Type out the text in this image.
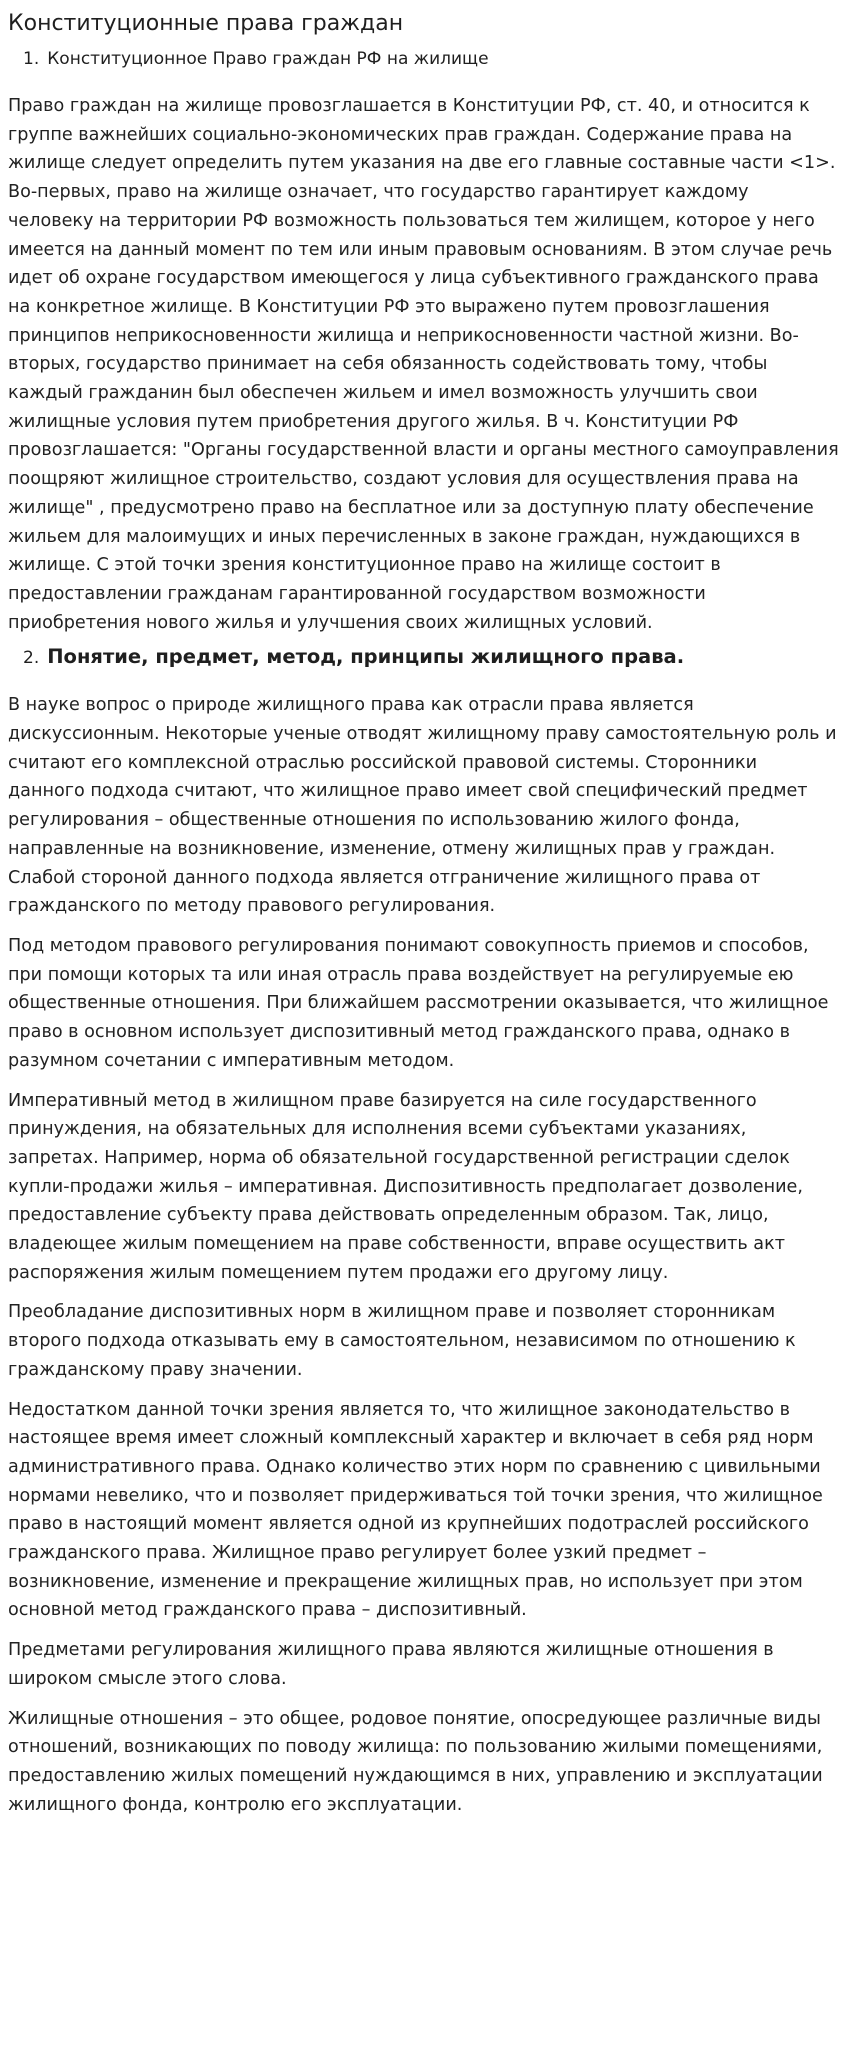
Конституционные права граждан
1. Конституционное Право граждан РФ на жилище

Право граждан на жилище провозглашается в Конституции РФ, ст. 40, и относится к группе важнейших социально-экономических прав граждан. Содержание права на жилище следует определить путем указания на две его главные составные части <1>. Во-первых, право на жилище означает, что государство гарантирует каждому человеку на территории РФ возможность пользоваться тем жилищем, которое у него имеется на данный момент по тем или иным правовым основаниям. В этом случае речь идет об охране государством имеющегося у лица субъективного гражданского права на конкретное жилище. В Конституции РФ это выражено путем провозглашения принципов неприкосновенности жилища и неприкосновенности частной жизни. Во-вторых, государство принимает на себя обязанность содействовать тому, чтобы каждый гражданин был обеспечен жильем и имел возможность улучшить свои жилищные условия путем приобретения другого жилья. В ч. Конституции РФ провозглашается: "Органы государственной власти и органы местного самоуправления поощряют жилищное строительство, создают условия для осуществления права на жилище" , предусмотрено право на бесплатное или за доступную плату обеспечение жильем для малоимущих и иных перечисленных в законе граждан, нуждающихся в жилище. С этой точки зрения конституционное право на жилище состоит в предоставлении гражданам гарантированной государством возможности приобретения нового жилья и улучшения своих жилищных условий.

2. Понятие, предмет, метод, принципы жилищного права.

В науке вопрос о природе жилищного права как отрасли права является дискуссионным. Некоторые ученые отводят жилищному праву самостоятельную роль и считают его комплексной отраслью российской правовой системы. Сторонники данного подхода считают, что жилищное право имеет свой специфический предмет регулирования – общественные отношения по использованию жилого фонда, направленные на возникновение, изменение, отмену жилищных прав у граждан. Слабой стороной данного подхода является отграничение жилищного права от гражданского по методу правового регулирования.

Под методом правового регулирования понимают совокупность приемов и способов, при помощи которых та или иная отрасль права воздействует на регулируемые ею общественные отношения. При ближайшем рассмотрении оказывается, что жилищное право в основном использует диспозитивный метод гражданского права, однако в разумном сочетании с императивным методом.

Императивный метод в жилищном праве базируется на силе государственного принуждения, на обязательных для исполнения всеми субъектами указаниях, запретах. Например, норма об обязательной государственной регистрации сделок купли-продажи жилья – императивная. Диспозитивность предполагает дозволение, предоставление субъекту права действовать определенным образом. Так, лицо, владеющее жилым помещением на праве собственности, вправе осуществить акт распоряжения жилым помещением путем продажи его другому лицу.

Преобладание диспозитивных норм в жилищном праве и позволяет сторонникам второго подхода отказывать ему в самостоятельном, независимом по отношению к гражданскому праву значении.

Недостатком данной точки зрения является то, что жилищное законодательство в настоящее время имеет сложный комплексный характер и включает в себя ряд норм административного права. Однако количество этих норм по сравнению с цивильными нормами невелико, что и позволяет придерживаться той точки зрения, что жилищное право в настоящий момент является одной из крупнейших подотраслей российского гражданского права. Жилищное право регулирует более узкий предмет – возникновение, изменение и прекращение жилищных прав, но использует при этом основной метод гражданского права – диспозитивный.

Предметами регулирования жилищного права являются жилищные отношения в широком смысле этого слова.

Жилищные отношения – это общее, родовое понятие, опосредующее различные виды отношений, возникающих по поводу жилища: по пользованию жилыми помещениями, предоставлению жилых помещений нуждающимся в них, управлению и эксплуатации жилищного фонда, контролю его эксплуатации.
